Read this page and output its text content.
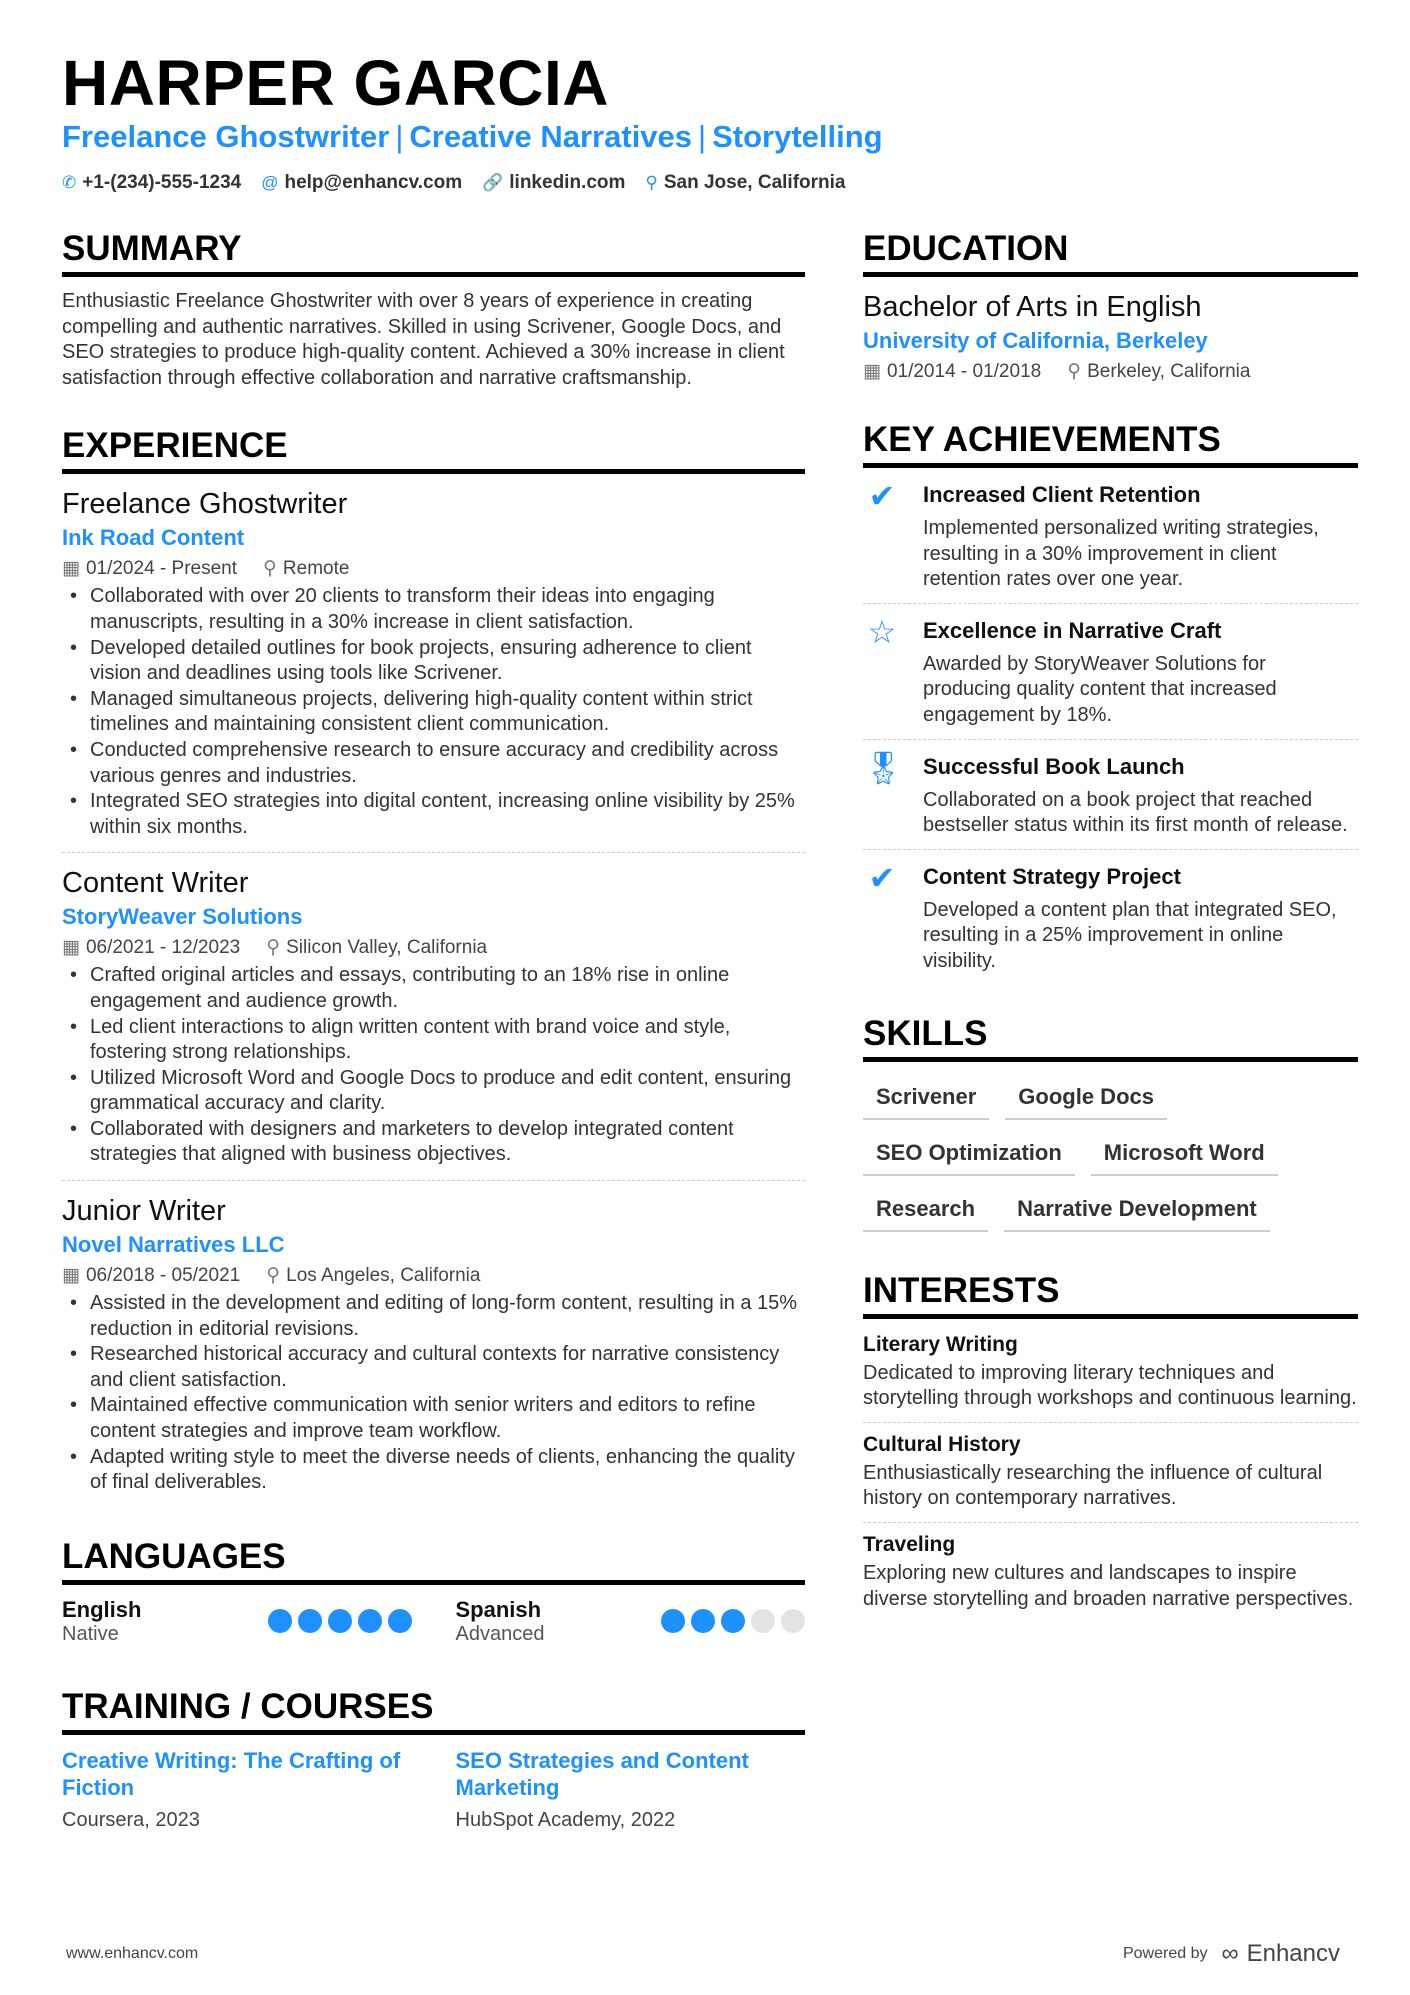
HARPER GARCIA
Freelance Ghostwriter | Creative Narratives | Storytelling
✆ +1-(234)-555-1234 @ help@enhancv.com 🔗 linkedin.com ⚲ San Jose, California
SUMMARY
Enthusiastic Freelance Ghostwriter with over 8 years of experience in creating compelling and authentic narratives. Skilled in using Scrivener, Google Docs, and SEO strategies to produce high-quality content. Achieved a 30% increase in client satisfaction through effective collaboration and narrative craftsmanship.
EXPERIENCE
Freelance Ghostwriter
Ink Road Content
▦ 01/2024 - Present ⚲ Remote
• Collaborated with over 20 clients to transform their ideas into engaging manuscripts, resulting in a 30% increase in client satisfaction.
• Developed detailed outlines for book projects, ensuring adherence to client vision and deadlines using tools like Scrivener.
• Managed simultaneous projects, delivering high-quality content within strict timelines and maintaining consistent client communication.
• Conducted comprehensive research to ensure accuracy and credibility across various genres and industries.
• Integrated SEO strategies into digital content, increasing online visibility by 25% within six months.
Content Writer
StoryWeaver Solutions
▦ 06/2021 - 12/2023 ⚲ Silicon Valley, California
• Crafted original articles and essays, contributing to an 18% rise in online engagement and audience growth.
• Led client interactions to align written content with brand voice and style, fostering strong relationships.
• Utilized Microsoft Word and Google Docs to produce and edit content, ensuring grammatical accuracy and clarity.
• Collaborated with designers and marketers to develop integrated content strategies that aligned with business objectives.
Junior Writer
Novel Narratives LLC
▦ 06/2018 - 05/2021 ⚲ Los Angeles, California
• Assisted in the development and editing of long-form content, resulting in a 15% reduction in editorial revisions.
• Researched historical accuracy and cultural contexts for narrative consistency and client satisfaction.
• Maintained effective communication with senior writers and editors to refine content strategies and improve team workflow.
• Adapted writing style to meet the diverse needs of clients, enhancing the quality of final deliverables.
LANGUAGES
English
Native
Spanish
Advanced
TRAINING / COURSES
Creative Writing: The Crafting of Fiction
Coursera, 2023
SEO Strategies and Content Marketing
HubSpot Academy, 2022
EDUCATION
Bachelor of Arts in English
University of California, Berkeley
▦ 01/2014 - 01/2018 ⚲ Berkeley, California
KEY ACHIEVEMENTS
✔ Increased Client Retention
Implemented personalized writing strategies, resulting in a 30% improvement in client retention rates over one year.
☆ Excellence in Narrative Craft
Awarded by StoryWeaver Solutions for producing quality content that increased engagement by 18%.
🎖 Successful Book Launch
Collaborated on a book project that reached bestseller status within its first month of release.
✔ Content Strategy Project
Developed a content plan that integrated SEO, resulting in a 25% improvement in online visibility.
SKILLS
Scrivener	Google Docs
SEO Optimization	Microsoft Word
Research	Narrative Development
INTERESTS
Literary Writing
Dedicated to improving literary techniques and storytelling through workshops and continuous learning.
Cultural History
Enthusiastically researching the influence of cultural history on contemporary narratives.
Traveling
Exploring new cultures and landscapes to inspire diverse storytelling and broaden narrative perspectives.
www.enhancv.com	Powered by ∞ Enhancv
